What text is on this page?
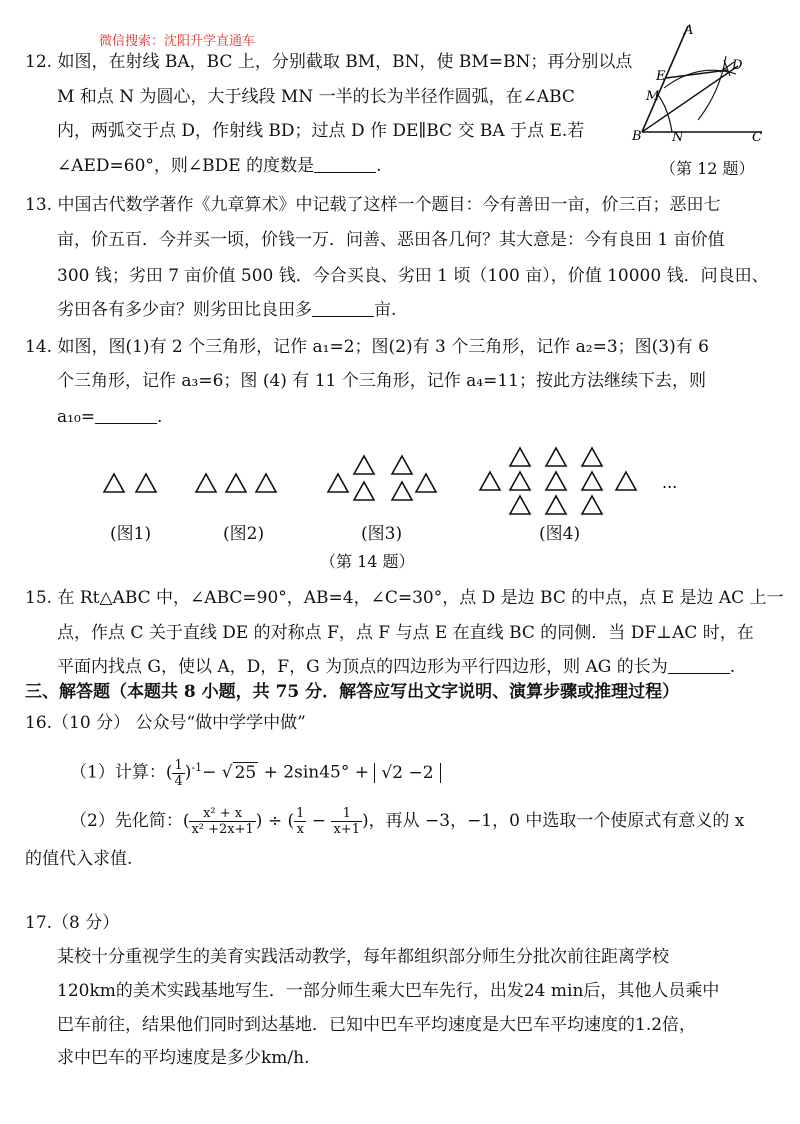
微信搜索：沈阳升学直通车
12. 如图，在射线 BA，BC 上，分别截取 BM，BN，使 BM=BN；再分别以点
M 和点 N 为圆心，大于线段 MN 一半的长为半径作圆弧，在∠ABC
内，两弧交于点 D，作射线 BD；过点 D 作 DE∥BC 交 BA 于点 E.若
∠AED=60°，则∠BDE 的度数是	.
A
E
D
M
B N	C
（第 12 题）
13. 中国古代数学著作《九章算术》中记载了这样一个题目：今有善田一亩，价三百；恶田七
亩，价五百．今并买一顷，价钱一万．问善、恶田各几何？其大意是：今有良田 1 亩价值
300 钱；劣田 7 亩价值 500 钱．今合买良、劣田 1 顷（100 亩），价值 10000 钱．问良田、
劣田各有多少亩？则劣田比良田多	亩.
14. 如图，图(1)有 2 个三角形，记作 a₁=2；图(2)有 3 个三角形，记作 a₂=3；图(3)有 6
个三角形，记作 a₃=6；图 (4) 有 11 个三角形，记作 a₄=11；按此方法继续下去，则
a₁₀=	.
...
(图1)	(图2)	(图3)	(图4)
（第 14 题）
15. 在 Rt△ABC 中，∠ABC=90°，AB=4，∠C=30°，点 D 是边 BC 的中点，点 E 是边 AC 上一
点，作点 C 关于直线 DE 的对称点 F，点 F 与点 E 在直线 BC 的同侧．当 DF⊥AC 时，在
平面内找点 G，使以 A，D，F，G 为顶点的四边形为平行四边形，则 AG 的长为	.
三、解答题（本题共 8 小题，共 75 分．解答应写出文字说明、演算步骤或推理过程）
16.（10 分） 公众号“做中学学中做”
（1）计算：( $\frac{1}{4} )^{-1}-$ √ 25 + 2sin45° + √2 −2
（2）先化简：( $\frac{\text{x² + x}}{\text{x² +2x+1}}$ ) ÷ ( $\frac{1}{x} - \frac{1}{x+1}$ )，再从 −3，−1，0 中选取一个使原式有意义的 x
的值代入求值.
17.（8 分）
某校十分重视学生的美育实践活动教学，每年都组织部分师生分批次前往距离学校
120km的美术实践基地写生．一部分师生乘大巴车先行，出发24 min后，其他人员乘中
巴车前往，结果他们同时到达基地．已知中巴车平均速度是大巴车平均速度的1.2倍，
求中巴车的平均速度是多少km/h.
